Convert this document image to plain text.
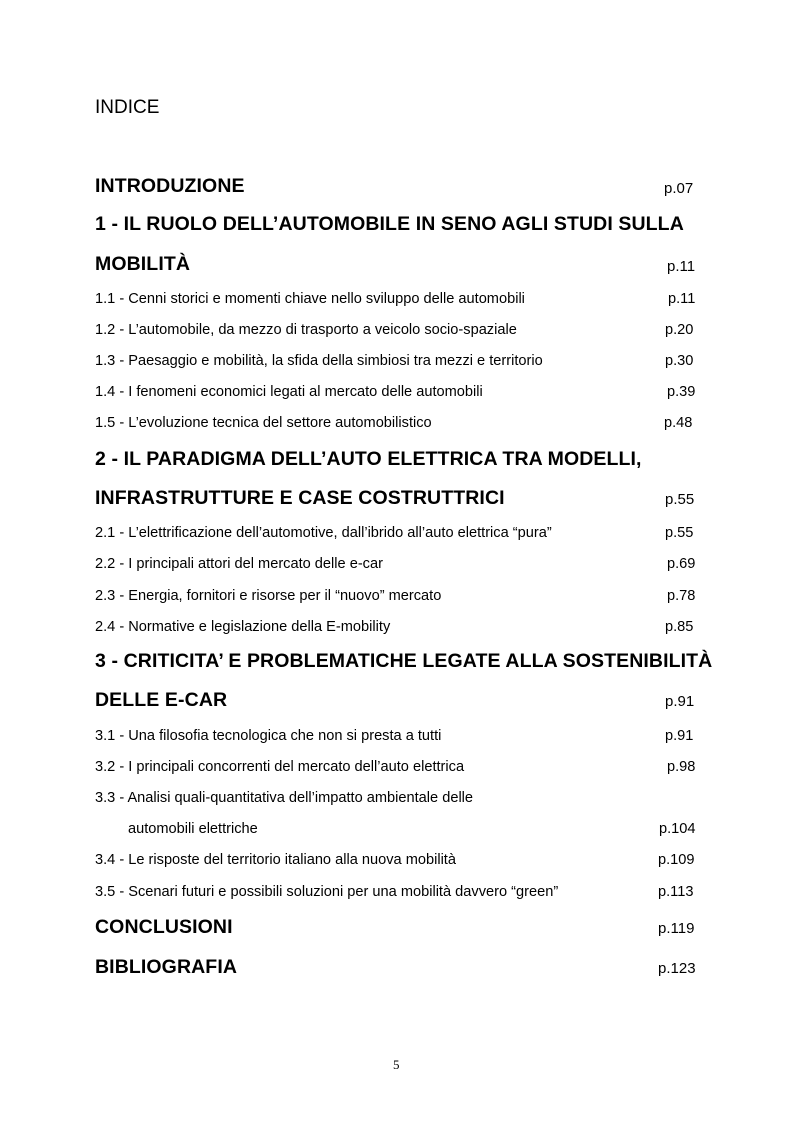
INDICE
INTRODUZIONE	p.07
1 - IL RUOLO DELL’AUTOMOBILE IN SENO AGLI STUDI SULLA
MOBILITÀ	p.11
1.1 - Cenni storici e momenti chiave nello sviluppo delle automobili	p.11
1.2 - L’automobile, da mezzo di trasporto a veicolo socio-spaziale	p.20
1.3 - Paesaggio e mobilità, la sfida della simbiosi tra mezzi e territorio	p.30
1.4 - I fenomeni economici legati al mercato delle automobili	p.39
1.5 - L’evoluzione tecnica del settore automobilistico	p.48
2 - IL PARADIGMA DELL’AUTO ELETTRICA TRA MODELLI,
INFRASTRUTTURE E CASE COSTRUTTRICI	p.55
2.1 - L’elettrificazione dell’automotive, dall’ibrido all’auto elettrica “pura”	p.55
2.2 - I principali attori del mercato delle e-car	p.69
2.3 - Energia, fornitori e risorse per il “nuovo” mercato	p.78
2.4 - Normative e legislazione della E-mobility	p.85
3 - CRITICITA’ E PROBLEMATICHE LEGATE ALLA SOSTENIBILITÀ
DELLE E-CAR	p.91
3.1 - Una filosofia tecnologica che non si presta a tutti	p.91
3.2 - I principali concorrenti del mercato dell’auto elettrica	p.98
3.3 - Analisi quali-quantitativa dell’impatto ambientale delle
automobili elettriche	p.104
3.4 - Le risposte del territorio italiano alla nuova mobilità	p.109
3.5 - Scenari futuri e possibili soluzioni per una mobilità davvero “green”	p.113
CONCLUSIONI	p.119
BIBLIOGRAFIA	p.123
5
